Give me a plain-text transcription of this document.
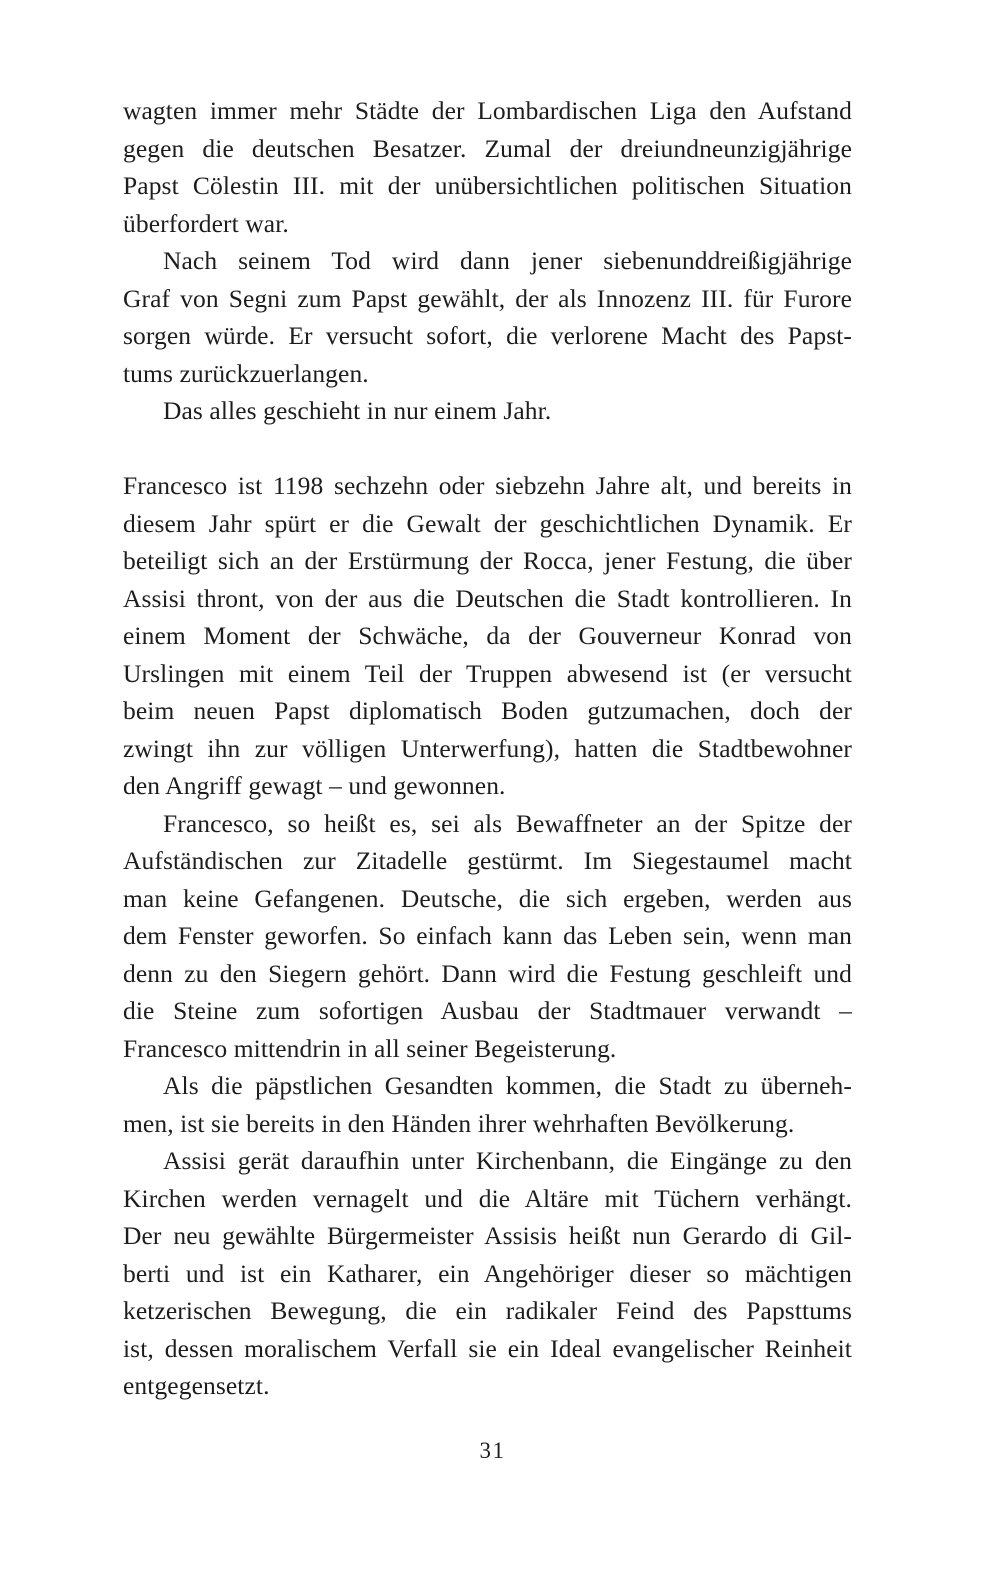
wagten immer mehr Städte der Lombardischen Liga den Aufstand
gegen die deutschen Besatzer. Zumal der dreiundneunzigjährige
Papst Cölestin III. mit der unübersichtlichen politischen Situation
überfordert war.
Nach seinem Tod wird dann jener siebenunddreißigjährige
Graf von Segni zum Papst gewählt, der als Innozenz III. für Furore
sorgen würde. Er versucht sofort, die verlorene Macht des Papst-
tums zurückzuerlangen.
Das alles geschieht in nur einem Jahr.
Francesco ist 1198 sechzehn oder siebzehn Jahre alt, und bereits in
diesem Jahr spürt er die Gewalt der geschichtlichen Dynamik. Er
beteiligt sich an der Erstürmung der Rocca, jener Festung, die über
Assisi thront, von der aus die Deutschen die Stadt kontrollieren. In
einem Moment der Schwäche, da der Gouverneur Konrad von
Urslingen mit einem Teil der Truppen abwesend ist (er versucht
beim neuen Papst diplomatisch Boden gutzumachen, doch der
zwingt ihn zur völligen Unterwerfung), hatten die Stadtbewohner
den Angriff gewagt – und gewonnen.
Francesco, so heißt es, sei als Bewaffneter an der Spitze der
Aufständischen zur Zitadelle gestürmt. Im Siegestaumel macht
man keine Gefangenen. Deutsche, die sich ergeben, werden aus
dem Fenster geworfen. So einfach kann das Leben sein, wenn man
denn zu den Siegern gehört. Dann wird die Festung geschleift und
die Steine zum sofortigen Ausbau der Stadtmauer verwandt –
Francesco mittendrin in all seiner Begeisterung.
Als die päpstlichen Gesandten kommen, die Stadt zu überneh-
men, ist sie bereits in den Händen ihrer wehrhaften Bevölkerung.
Assisi gerät daraufhin unter Kirchenbann, die Eingänge zu den
Kirchen werden vernagelt und die Altäre mit Tüchern verhängt.
Der neu gewählte Bürgermeister Assisis heißt nun Gerardo di Gil-
berti und ist ein Katharer, ein Angehöriger dieser so mächtigen
ketzerischen Bewegung, die ein radikaler Feind des Papsttums
ist, dessen moralischem Verfall sie ein Ideal evangelischer Reinheit
entgegensetzt.
31
